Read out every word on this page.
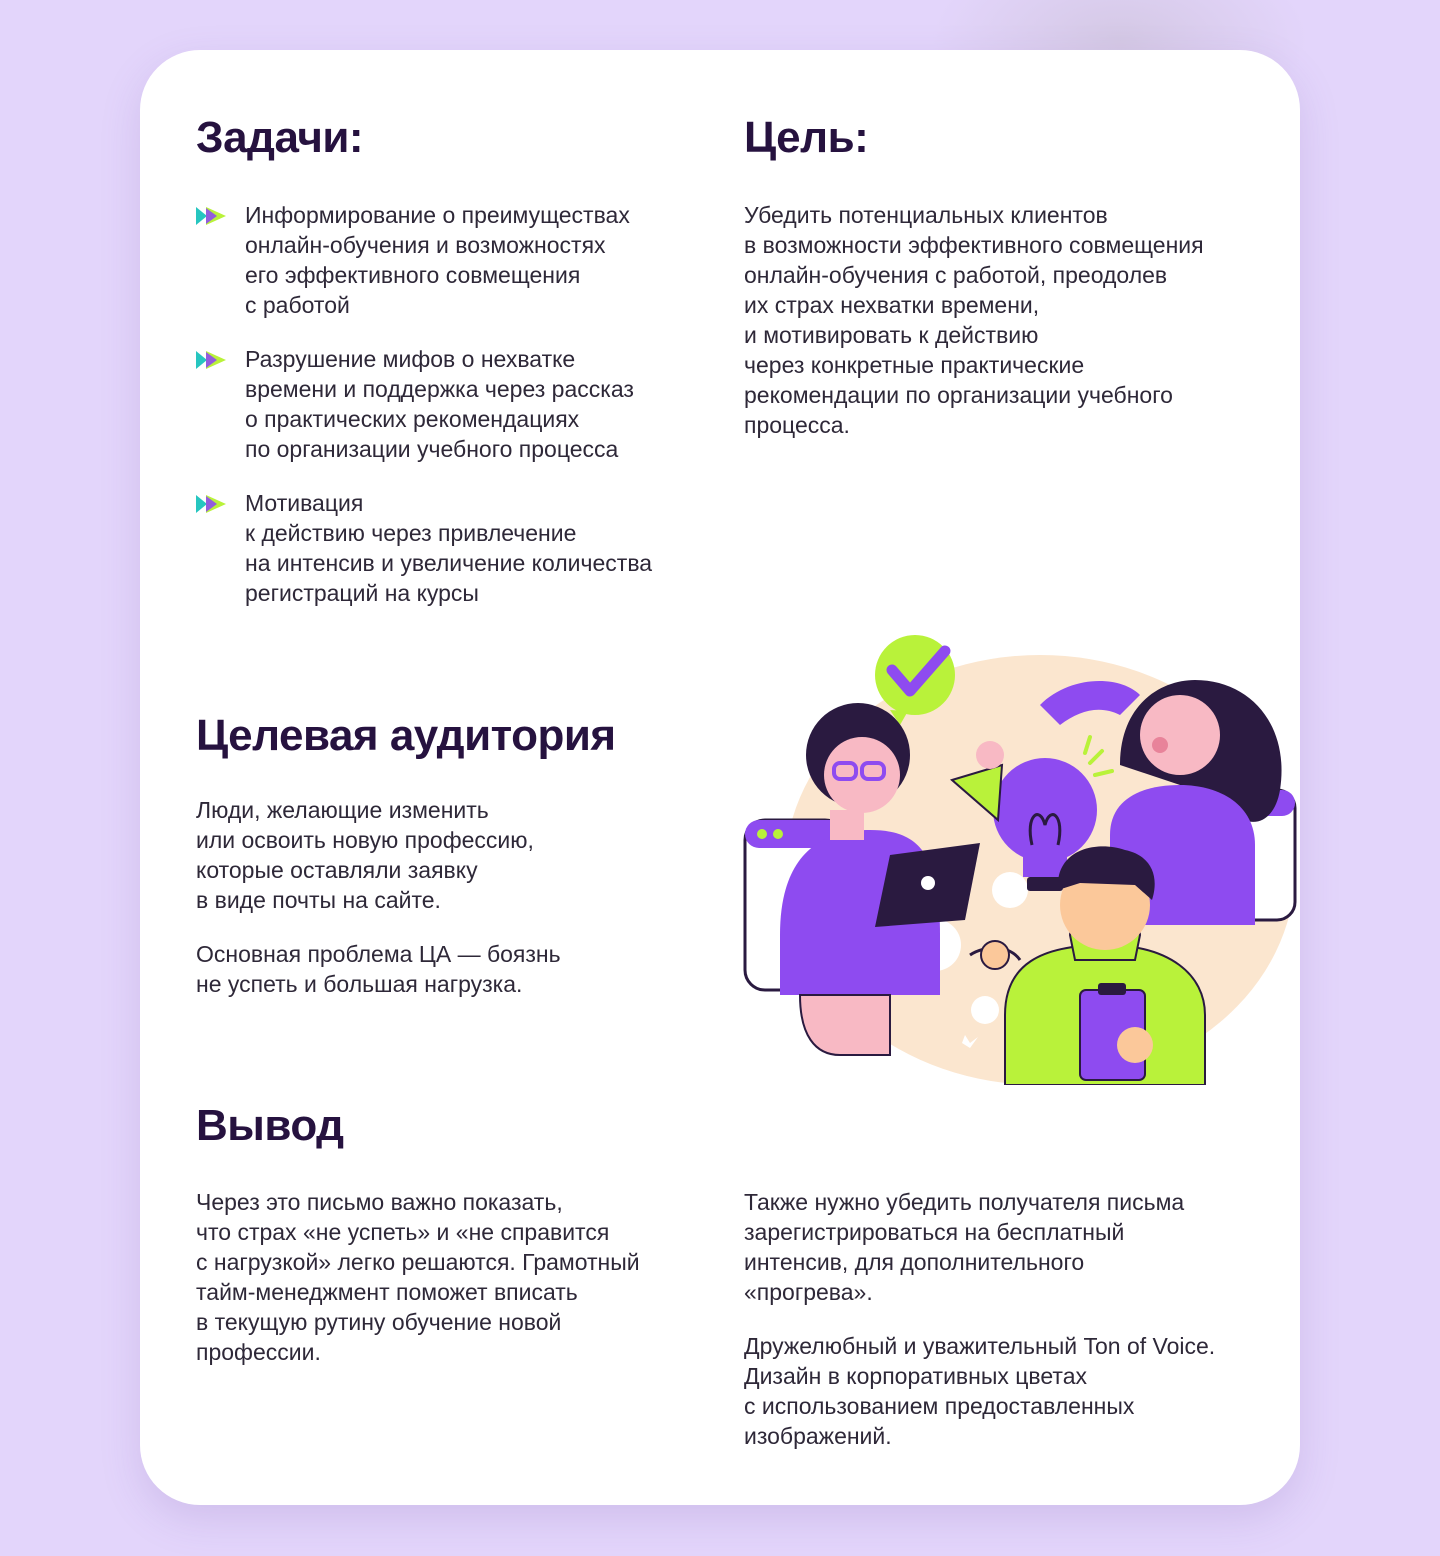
Задачи:
Информирование о преимуществах
онлайн-обучения и возможностях
его эффективного совмещения
с работой
Разрушение мифов о нехватке
времени и поддержка через рассказ
о практических рекомендациях
по организации учебного процесса
Мотивация
к действию через привлечение
на интенсив и увеличение количества
регистраций на курсы
Цель:
Убедить потенциальных клиентов
в возможности эффективного совмещения
онлайн-обучения с работой, преодолев
их страх нехватки времени,
и мотивировать к действию
через конкретные практические
рекомендации по организации учебного
процесса.
Целевая аудитория
Люди, желающие изменить
или освоить новую профессию,
которые оставляли заявку
в виде почты на сайте.
Основная проблема ЦА — боязнь
не успеть и большая нагрузка.
Вывод
Через это письмо важно показать,
что страх «не успеть» и «не справится
с нагрузкой» легко решаются. Грамотный
тайм-менеджмент поможет вписать
в текущую рутину обучение новой
профессии.
Также нужно убедить получателя письма
зарегистрироваться на бесплатный
интенсив, для дополнительного
«прогрева».
Дружелюбный и уважительный Ton of Voice.
Дизайн в корпоративных цветах
с использованием предоставленных
изображений.
